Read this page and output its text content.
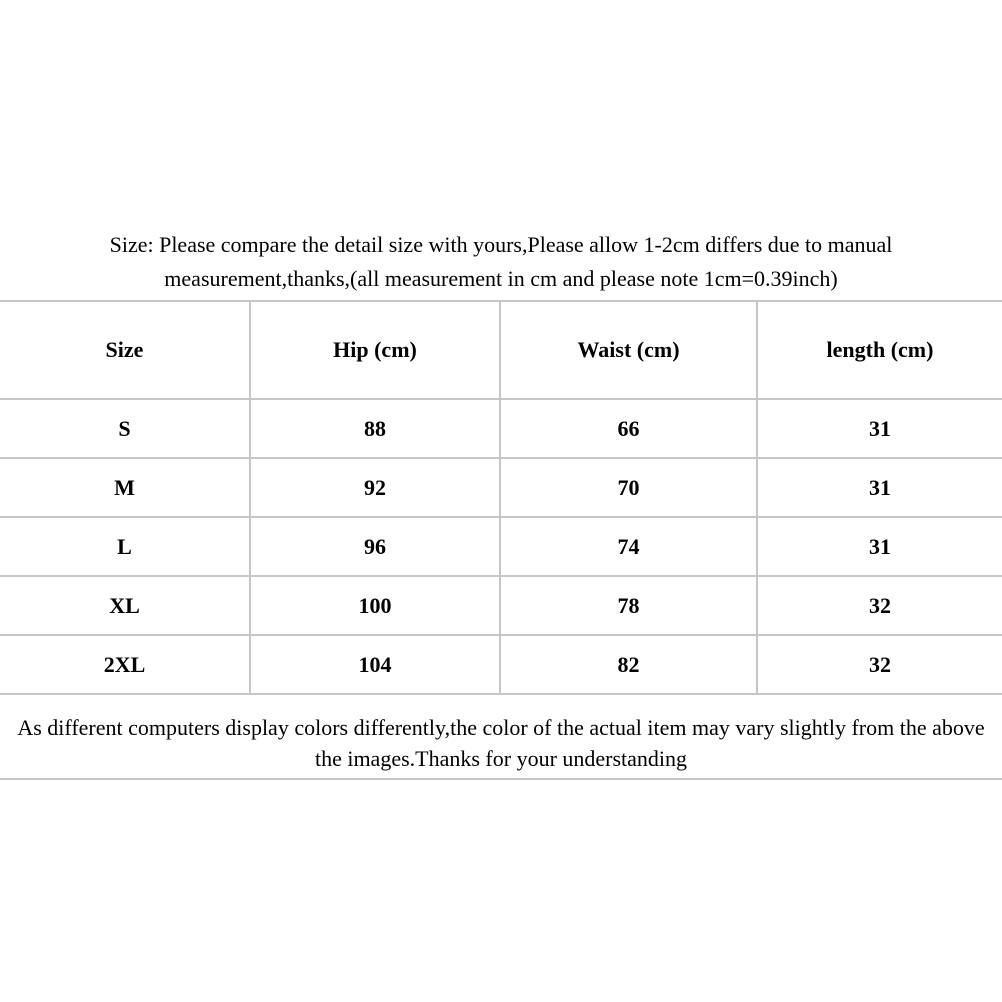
Size: Please compare the detail size with yours,Please allow 1-2cm differs due to manual
measurement,thanks,(all measurement in cm and please note 1cm=0.39inch)
Size	Hip (cm)	Waist (cm)	length (cm)
S	88	66	31
M	92	70	31
L	96	74	31
XL	100	78	32
2XL	104	82	32
As different computers display colors differently,the color of the actual item may vary slightly from the above
the images.Thanks for your understanding
